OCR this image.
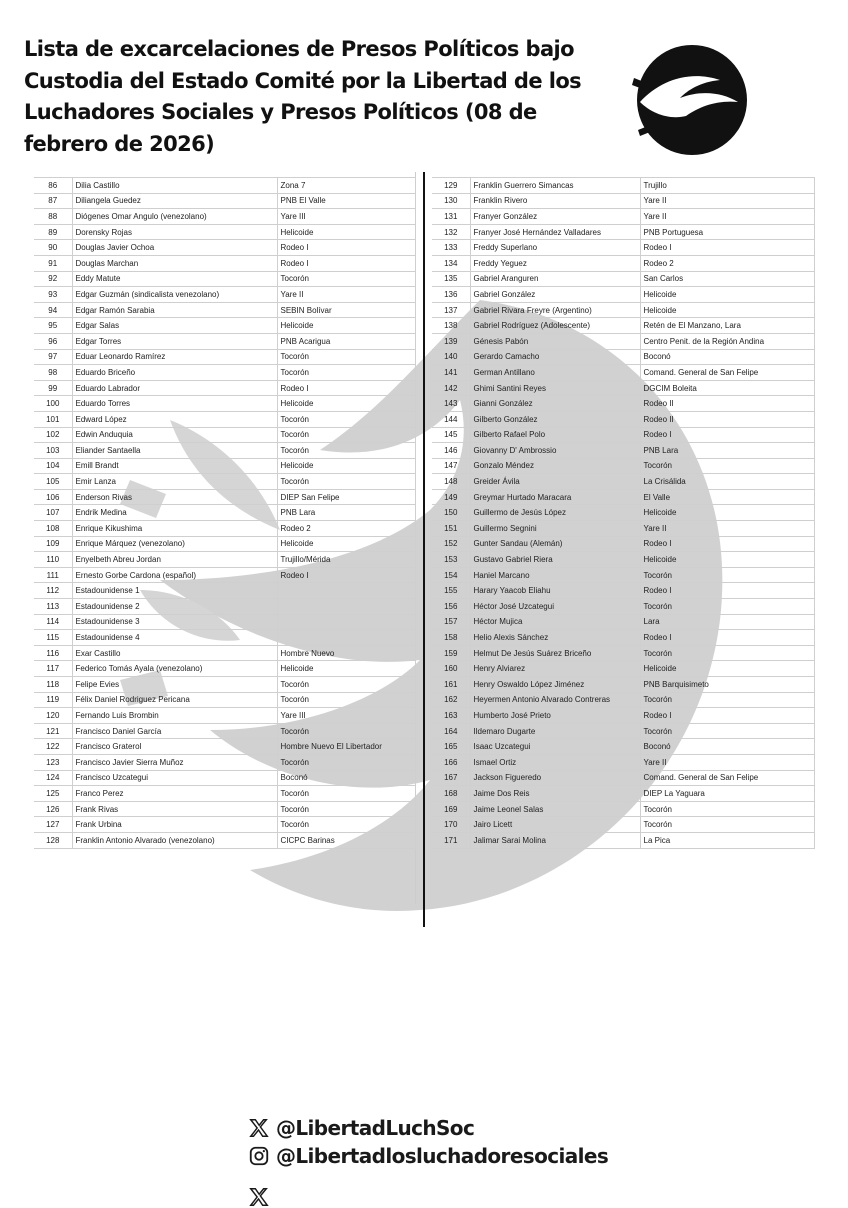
Lista de excarcelaciones de Presos Políticos bajo Custodia del Estado Comité por la Libertad de los Luchadores Sociales y Presos Políticos (08 de febrero de 2026)
86	Dilia Castillo	Zona 7
87	Diliangela Guedez	PNB El Valle
88	Diógenes Omar Angulo (venezolano)	Yare III
89	Dorensky Rojas	Helicoide
90	Douglas Javier Ochoa	Rodeo I
91	Douglas Marchan	Rodeo I
92	Eddy Matute	Tocorón
93	Edgar Guzmán (sindicalista venezolano)	Yare II
94	Edgar Ramón Sarabia	SEBIN Bolívar
95	Edgar Salas	Helicoide
96	Edgar Torres	PNB Acarigua
97	Eduar Leonardo Ramírez	Tocorón
98	Eduardo Briceño	Tocorón
99	Eduardo Labrador	Rodeo I
100	Eduardo Torres	Helicoide
101	Edward López	Tocorón
102	Edwin Anduquia	Tocorón
103	Eliander Santaella	Tocorón
104	Emill Brandt	Helicoide
105	Emir Lanza	Tocorón
106	Enderson Rivas	DIEP San Felipe
107	Endrik Medina	PNB Lara
108	Enrique Kikushima	Rodeo 2
109	Enrique Márquez (venezolano)	Helicoide
110	Enyelbeth Abreu Jordan	Trujillo/Mérida
111	Ernesto Gorbe Cardona (español)	Rodeo I
112	Estadounidense 1	
113	Estadounidense 2	
114	Estadounidense 3	
115	Estadounidense 4	
116	Exar Castillo	Hombre Nuevo
117	Federico Tomás Ayala (venezolano)	Helicoide
118	Felipe Evies	Tocorón
119	Félix Daniel Rodriguez Pericana	Tocorón
120	Fernando Luis Brombin	Yare III
121	Francisco Daniel García	Tocorón
122	Francisco Graterol	Hombre Nuevo El Libertador
123	Francisco Javier Sierra Muñoz	Tocorón
124	Francisco Uzcategui	Boconó
125	Franco Perez	Tocorón
126	Frank Rivas	Tocorón
127	Frank Urbina	Tocorón
128	Franklin Antonio Alvarado (venezolano)	CICPC Barinas
129	Franklin Guerrero Simancas	Trujillo
130	Franklin Rivero	Yare II
131	Franyer González	Yare II
132	Franyer José Hernández Valladares	PNB Portuguesa
133	Freddy Superlano	Rodeo I
134	Freddy Yeguez	Rodeo 2
135	Gabriel Aranguren	San Carlos
136	Gabriel González	Helicoide
137	Gabriel Rivara Freyre (Argentino)	Helicoide
138	Gabriel Rodríguez (Adolescente)	Retén de El Manzano, Lara
139	Génesis Pabón	Centro Penit. de la Región Andina
140	Gerardo Camacho	Boconó
141	German Antillano	Comand. General de San Felipe
142	Ghimi Santini Reyes	DGCIM Boleita
143	Gianni González	Rodeo II
144	Gilberto González	Rodeo II
145	Gilberto Rafael Polo	Rodeo I
146	Giovanny D' Ambrossio	PNB Lara
147	Gonzalo Méndez	Tocorón
148	Greider Ávila	La Crisálida
149	Greymar Hurtado Maracara	El Valle
150	Guillermo de Jesús López	Helicoide
151	Guillermo Segnini	Yare II
152	Gunter Sandau (Alemán)	Rodeo I
153	Gustavo Gabriel Riera	Helicoide
154	Haniel Marcano	Tocorón
155	Harary Yaacob Eliahu	Rodeo I
156	Héctor José Uzcategui	Tocorón
157	Héctor Mujica	Lara
158	Helio Alexis Sánchez	Rodeo I
159	Helmut De Jesús Suárez Briceño	Tocorón
160	Henry Alviarez	Helicoide
161	Henry Oswaldo López Jiménez	PNB Barquisimeto
162	Heyermen Antonio Alvarado Contreras	Tocorón
163	Humberto José Prieto	Rodeo I
164	Ildemaro Dugarte	Tocorón
165	Isaac Uzcategui	Boconó
166	Ismael Ortiz	Yare II
167	Jackson Figueredo	Comand. General de San Felipe
168	Jaime Dos Reis	DIEP La Yaguara
169	Jaime Leonel Salas	Tocorón
170	Jairo Licett	Tocorón
171	Jalimar Sarai Molina	La Pica
@LibertadLuchSoc
@Libertadlosluchadoresociales
